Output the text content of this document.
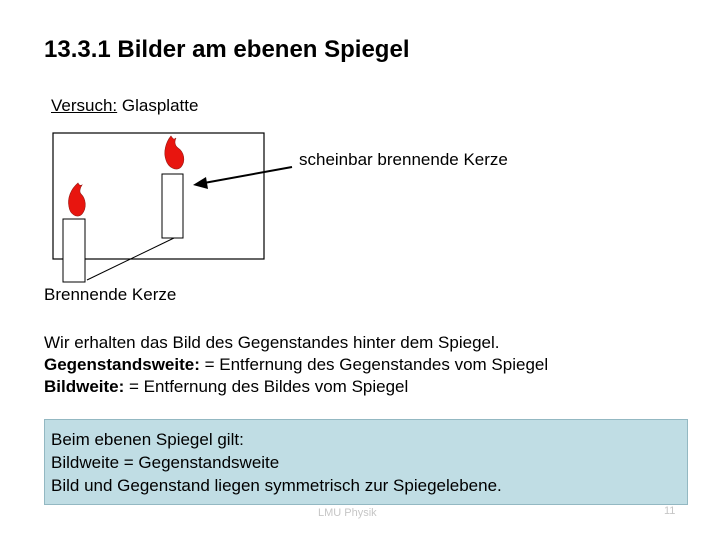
13.3.1 Bilder am ebenen Spiegel
Versuch: Glasplatte
scheinbar brennende Kerze
Brennende Kerze
Wir erhalten das Bild des Gegenstandes hinter dem Spiegel.
Gegenstandsweite: = Entfernung des Gegenstandes vom Spiegel
Bildweite: = Entfernung des Bildes vom Spiegel
Beim ebenen Spiegel gilt:
Bildweite = Gegenstandsweite
Bild und Gegenstand liegen symmetrisch zur Spiegelebene.
LMU Physik	11
